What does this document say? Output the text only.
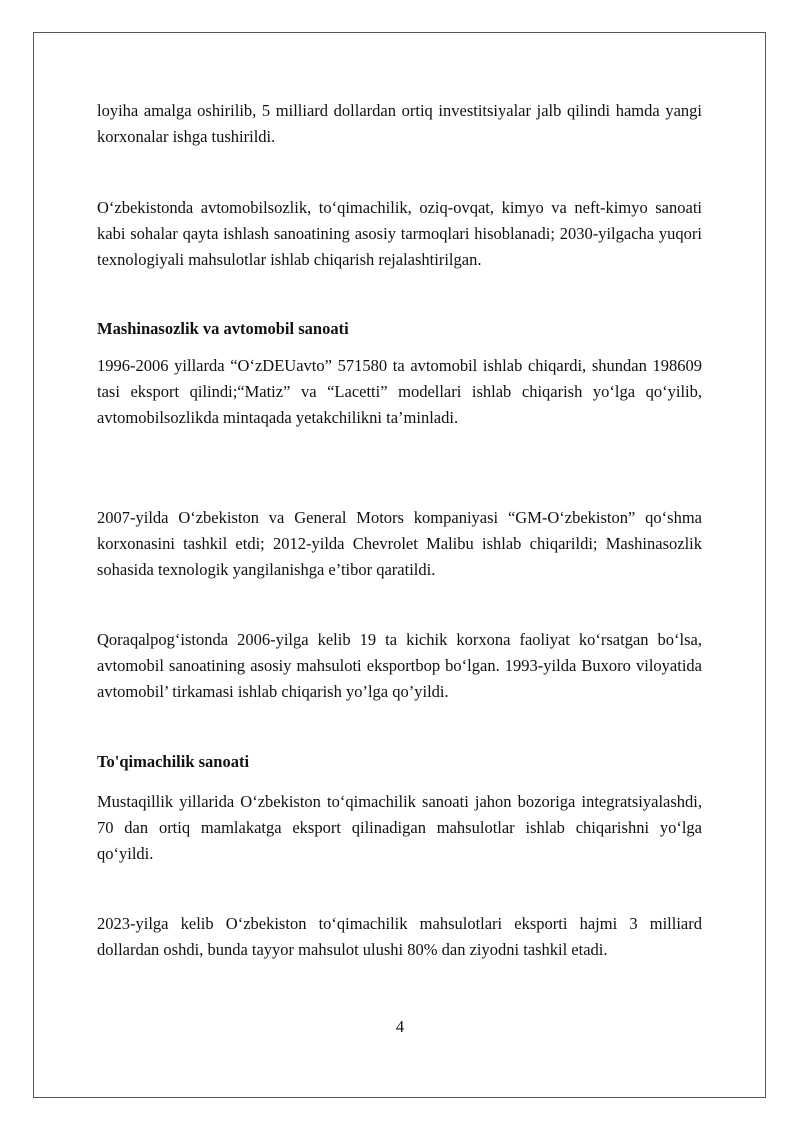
loyiha amalga oshirilib, 5 milliard dollardan ortiq investitsiyalar jalb qilindi hamda yangi korxonalar ishga tushirildi.

O‘zbekistonda avtomobilsozlik, to‘qimachilik, oziq-ovqat, kimyo va neft-kimyo sanoati kabi sohalar qayta ishlash sanoatining asosiy tarmoqlari hisoblanadi; 2030-yilgacha yuqori texnologiyali mahsulotlar ishlab chiqarish rejalashtirilgan.

Mashinasozlik va avtomobil sanoati

1996-2006 yillarda “O‘zDEUavto” 571580 ta avtomobil ishlab chiqardi, shundan 198609 tasi eksport qilindi;“Matiz” va “Lacetti” modellari ishlab chiqarish yo‘lga qo‘yilib, avtomobilsozlikda mintaqada yetakchilikni ta’minladi.

2007-yilda O‘zbekiston va General Motors kompaniyasi “GM-O‘zbekiston” qo‘shma korxonasini tashkil etdi; 2012-yilda Chevrolet Malibu ishlab chiqarildi; Mashinasozlik sohasida texnologik yangilanishga e’tibor qaratildi.

Qoraqalpog‘istonda 2006-yilga kelib 19 ta kichik korxona faoliyat ko‘rsatgan bo‘lsa, avtomobil sanoatining asosiy mahsuloti eksportbop bo‘lgan. 1993-yilda Buxoro viloyatida avtomobil’ tirkamasi ishlab chiqarish yo’lga qo’yildi.

To'qimachilik sanoati

Mustaqillik yillarida O‘zbekiston to‘qimachilik sanoati jahon bozoriga integratsiyalashdi, 70 dan ortiq mamlakatga eksport qilinadigan mahsulotlar ishlab chiqarishni yo‘lga qo‘yildi.

2023-yilga kelib O‘zbekiston to‘qimachilik mahsulotlari eksporti hajmi 3 milliard dollardan oshdi, bunda tayyor mahsulot ulushi 80% dan ziyodni tashkil etadi.

4
